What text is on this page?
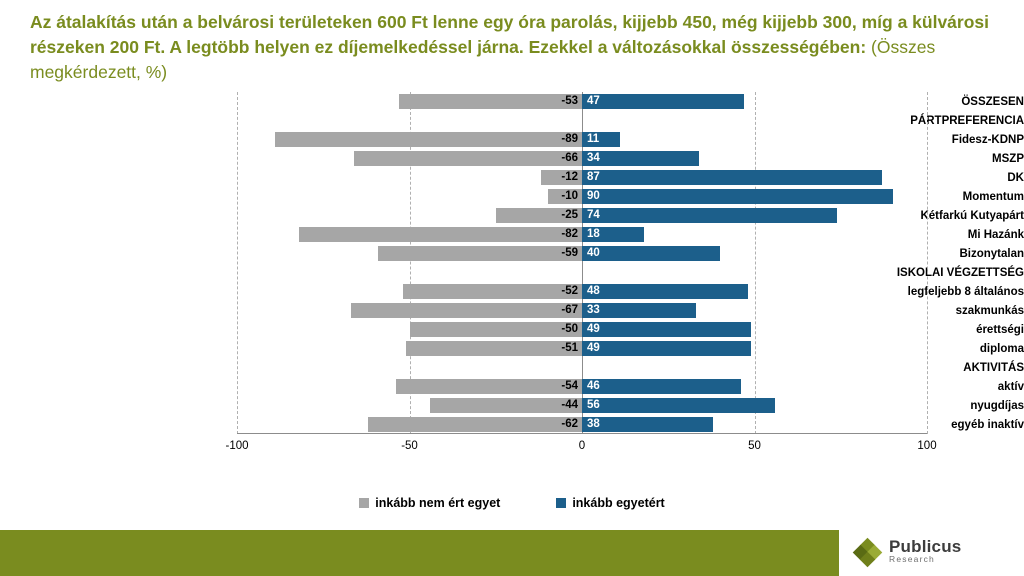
Az átalakítás után a belvárosi területeken 600 Ft lenne egy óra parolás, kijjebb 450, még kijjebb 300, míg a külvárosi részeken 200 Ft. A legtöbb helyen ez díjemelkedéssel járna. Ezekkel a változásokkal összességében: (Összes megkérdezett, %)
ÖSSZESEN
PÁRTPREFERENCIA
Fidesz-KDNP
MSZP
DK
Momentum
Kétfarkú Kutyapárt
Mi Hazánk
Bizonytalan
ISKOLAI VÉGZETTSÉG
legfeljebb 8 általános
szakmunkás
érettségi
diploma
AKTIVITÁS
aktív
nyugdíjas
egyéb inaktív
-100	-50	0	50	100
-53 47
-89 11
-66 34
-12 87
-10 90
-25 74
-82 18
-59 40
-52 48
-67 33
-50 49
-51 49
-54 46
-44 56
-62 38
inkább nem ért egyet	inkább egyetért
Publicus
Research
